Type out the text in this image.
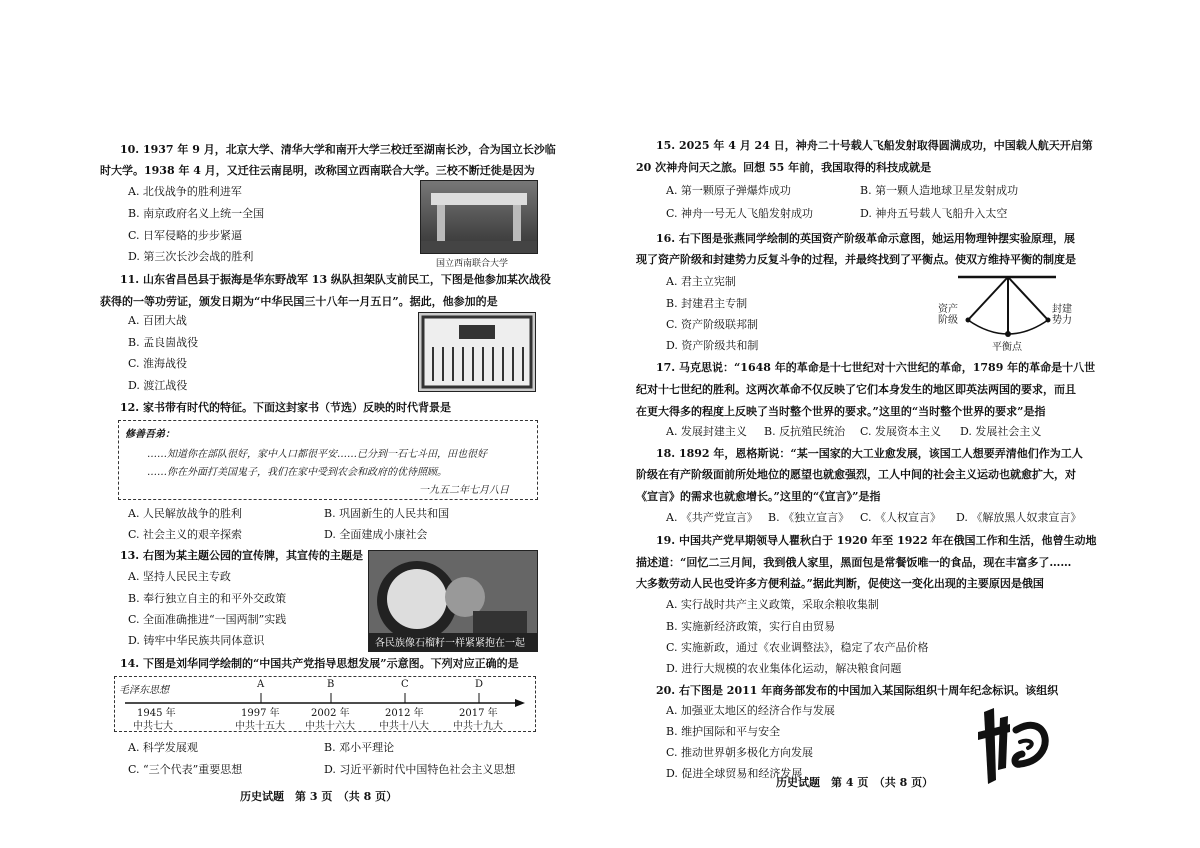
10. 1937 年 9 月，北京大学、清华大学和南开大学三校迁至湖南长沙，合为国立长沙临
时大学。1938 年 4 月，又迁往云南昆明，改称国立西南联合大学。三校不断迁徙是因为
A. 北伐战争的胜利进军
B. 南京政府名义上统一全国
C. 日军侵略的步步紧逼
D. 第三次长沙会战的胜利
国立西南联合大学
11. 山东省昌邑县于振海是华东野战军 13 纵队担架队支前民工，下图是他参加某次战役
获得的一等功劳证，颁发日期为“中华民国三十八年一月五日”。据此，他参加的是
A. 百团大战
B. 孟良崮战役
C. 淮海战役
D. 渡江战役
12. 家书带有时代的特征。下面这封家书（节选）反映的时代背景是
修善吾弟：
……知道你在部队很好，家中人口都很平安……已分到一石七斗田，田也很好
……你在外面打美国鬼子，我们在家中受到农会和政府的优待照顾。
一九五二年七月八日
A. 人民解放战争的胜利	B. 巩固新生的人民共和国
C. 社会主义的艰辛探索	D. 全面建成小康社会
13. 右图为某主题公园的宣传牌，其宣传的主题是
A. 坚持人民民主专政
B. 奉行独立自主的和平外交政策
C. 全面准确推进“一国两制”实践
D. 铸牢中华民族共同体意识	各民族像石榴籽一样紧紧抱在一起
14. 下图是刘华同学绘制的“中国共产党指导思想发展”示意图。下列对应正确的是
毛泽东思想
A	B	C	D
1945 年	1997 年	2002 年	2012 年	2017 年
中共七大	中共十五大 中共十六大 中共十八大 中共十九大
A. 科学发展观	B. 邓小平理论
C. “三个代表”重要思想	D. 习近平新时代中国特色社会主义思想
历史试题　第 3 页　（共 8 页）
15. 2025 年 4 月 24 日，神舟二十号载人飞船发射取得圆满成功，中国载人航天开启第
20 次神舟问天之旅。回想 55 年前，我国取得的科技成就是
A. 第一颗原子弹爆炸成功	B. 第一颗人造地球卫星发射成功
C. 神舟一号无人飞船发射成功	D. 神舟五号载人飞船升入太空
16. 右下图是张燕同学绘制的英国资产阶级革命示意图，她运用物理钟摆实验原理，展
现了资产阶级和封建势力反复斗争的过程，并最终找到了平衡点。使双方维持平衡的制度是
A. 君主立宪制
B. 封建君主专制
C. 资产阶级联邦制
D. 资产阶级共和制
资产阶级
封建势力
平衡点
17. 马克思说：“1648 年的革命是十七世纪对十六世纪的革命，1789 年的革命是十八世
纪对十七世纪的胜利。这两次革命不仅反映了它们本身发生的地区即英法两国的要求，而且
在更大得多的程度上反映了当时整个世界的要求。”这里的“当时整个世界的要求”是指
A. 发展封建主义 B. 反抗殖民统治 C. 发展资本主义 D. 发展社会主义
18. 1892 年，恩格斯说：“某一国家的大工业愈发展，该国工人想要弄清他们作为工人
阶级在有产阶级面前所处地位的愿望也就愈强烈，工人中间的社会主义运动也就愈扩大，对
《宣言》的需求也就愈增长。”这里的“《宣言》”是指
A. 《共产党宣言》 B. 《独立宣言》 C. 《人权宣言》 D. 《解放黑人奴隶宣言》
19. 中国共产党早期领导人瞿秋白于 1920 年至 1922 年在俄国工作和生活，他曾生动地
描述道：“回忆二三月间，我到俄人家里，黑面包是常餐饭唯一的食品，现在丰富多了……
大多数劳动人民也受许多方便利益。”据此判断，促使这一变化出现的主要原因是俄国
A. 实行战时共产主义政策，采取余粮收集制
B. 实施新经济政策，实行自由贸易
C. 实施新政，通过《农业调整法》，稳定了农产品价格
D. 进行大规模的农业集体化运动，解决粮食问题
20. 右下图是 2011 年商务部发布的中国加入某国际组织十周年纪念标识。该组织
A. 加强亚太地区的经济合作与发展
B. 维护国际和平与安全
C. 推动世界朝多极化方向发展
D. 促进全球贸易和经济发展
历史试题　第 4 页　（共 8 页）
